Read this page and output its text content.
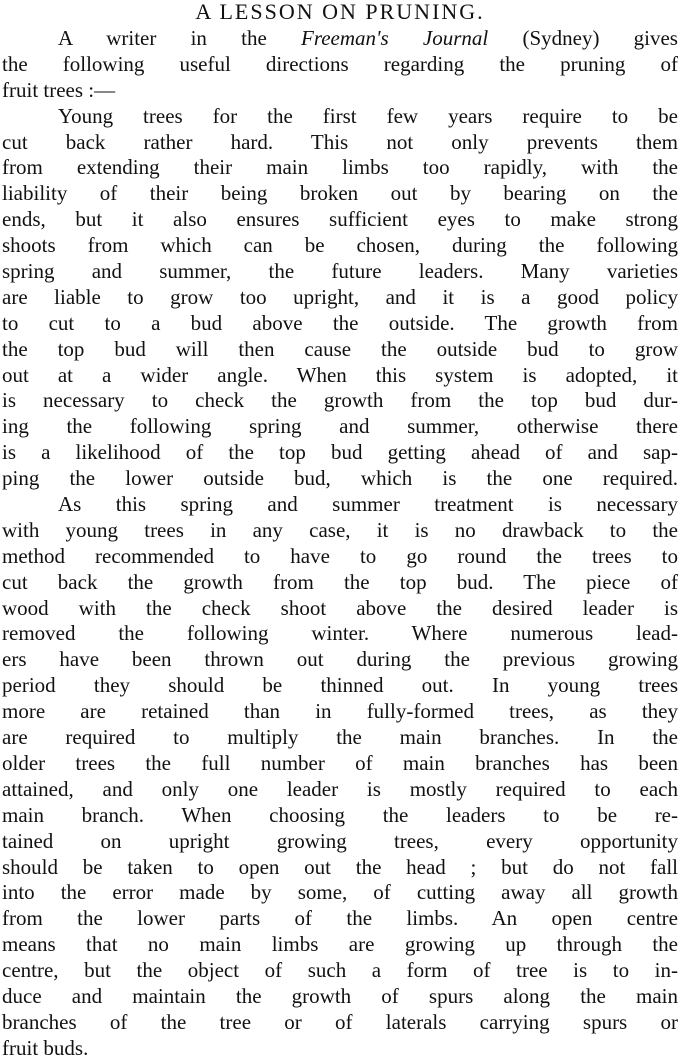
A LESSON ON PRUNING.
A writer in the Freeman's Journal (Sydney) gives
the following useful directions regarding the pruning of
fruit trees :—
Young trees for the first few years require to be
cut back rather hard. This not only prevents them
from extending their main limbs too rapidly, with the
liability of their being broken out by bearing on the
ends, but it also ensures sufficient eyes to make strong
shoots from which can be chosen, during the following
spring and summer, the future leaders. Many varieties
are liable to grow too upright, and it is a good policy
to cut to a bud above the outside. The growth from
the top bud will then cause the outside bud to grow
out at a wider angle. When this system is adopted, it
is necessary to check the growth from the top bud dur-
ing the following spring and summer, otherwise there
is a likelihood of the top bud getting ahead of and sap-
ping the lower outside bud, which is the one required.
As this spring and summer treatment is necessary
with young trees in any case, it is no drawback to the
method recommended to have to go round the trees to
cut back the growth from the top bud. The piece of
wood with the check shoot above the desired leader is
removed the following winter. Where numerous lead-
ers have been thrown out during the previous growing
period they should be thinned out. In young trees
more are retained than in fully-formed trees, as they
are required to multiply the main branches. In the
older trees the full number of main branches has been
attained, and only one leader is mostly required to each
main branch. When choosing the leaders to be re-
tained on upright growing trees, every opportunity
should be taken to open out the head ; but do not fall
into the error made by some, of cutting away all growth
from the lower parts of the limbs. An open centre
means that no main limbs are growing up through the
centre, but the object of such a form of tree is to in-
duce and maintain the growth of spurs along the main
branches of the tree or of laterals carrying spurs or
fruit buds.
